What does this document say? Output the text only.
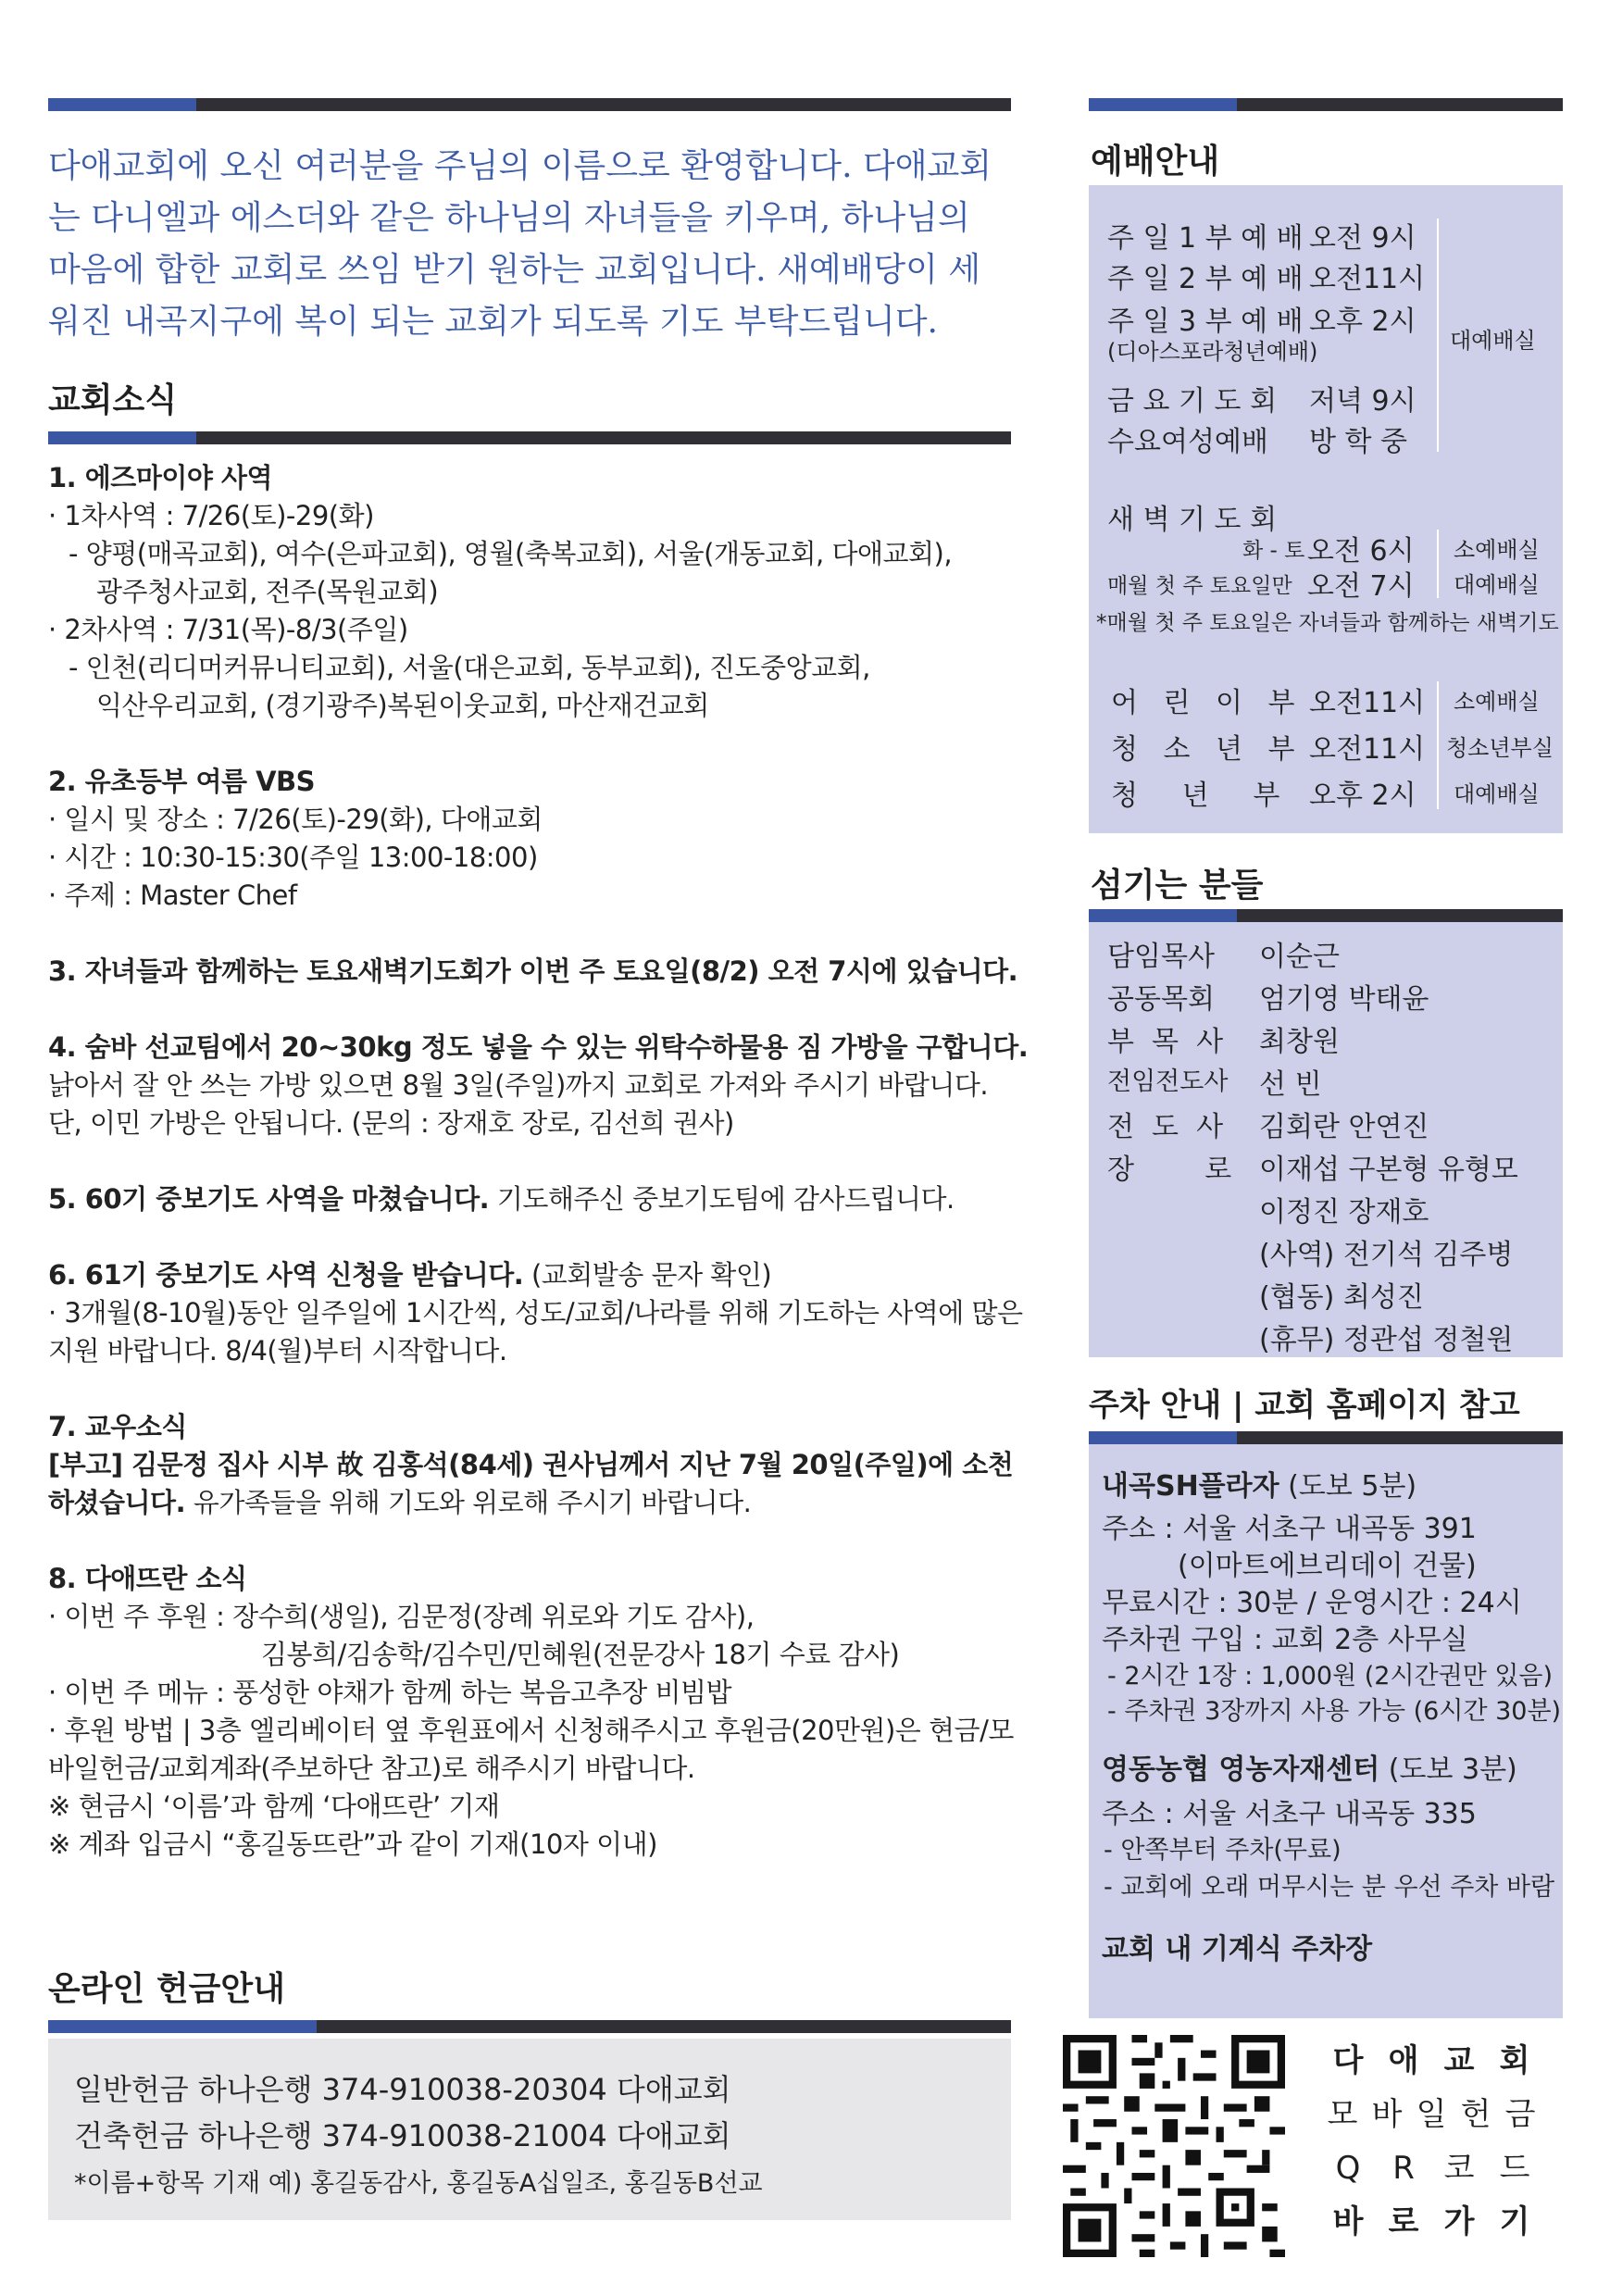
다애교회에 오신 여러분을 주님의 이름으로 환영합니다. 다애교회
는 다니엘과 에스더와 같은 하나님의 자녀들을 키우며, 하나님의
마음에 합한 교회로 쓰임 받기 원하는 교회입니다. 새예배당이 세
워진 내곡지구에 복이 되는 교회가 되도록 기도 부탁드립니다.
교회소식
1. 에즈마이야 사역
· 1차사역 : 7/26(토)-29(화)
- 양평(매곡교회), 여수(은파교회), 영월(축복교회), 서울(개동교회, 다애교회),
광주청사교회, 전주(목원교회)
· 2차사역 : 7/31(목)-8/3(주일)
- 인천(리디머커뮤니티교회), 서울(대은교회, 동부교회), 진도중앙교회,
익산우리교회, (경기광주)복된이웃교회, 마산재건교회
2. 유초등부 여름 VBS
· 일시 및 장소 : 7/26(토)-29(화), 다애교회
· 시간 : 10:30-15:30(주일 13:00-18:00)
· 주제 : Master Chef
3. 자녀들과 함께하는 토요새벽기도회가 이번 주 토요일(8/2) 오전 7시에 있습니다.
4. 숨바 선교팀에서 20~30kg 정도 넣을 수 있는 위탁수하물용 짐 가방을 구합니다. 낡아서 잘 안 쓰는 가방 있으면 8월 3일(주일)까지 교회로 가져와 주시기 바랍니다. 단, 이민 가방은 안됩니다. (문의 : 장재호 장로, 김선희 권사)
5. 60기 중보기도 사역을 마쳤습니다. 기도해주신 중보기도팀에 감사드립니다.
6. 61기 중보기도 사역 신청을 받습니다. (교회발송 문자 확인)
· 3개월(8-10월)동안 일주일에 1시간씩, 성도/교회/나라를 위해 기도하는 사역에 많은 지원 바랍니다. 8/4(월)부터 시작합니다.
7. 교우소식
[부고] 김문정 집사 시부 故 김홍석(84세) 권사님께서 지난 7월 20일(주일)에 소천하셨습니다. 유가족들을 위해 기도와 위로해 주시기 바랍니다.
8. 다애뜨란 소식
· 이번 주 후원 : 장수희(생일), 김문정(장례 위로와 기도 감사),
김봉희/김송학/김수민/민혜원(전문강사 18기 수료 감사)
· 이번 주 메뉴 : 풍성한 야채가 함께 하는 복음고추장 비빔밥
· 후원 방법 | 3층 엘리베이터 옆 후원표에서 신청해주시고 후원금(20만원)은 현금/모바일헌금/교회계좌(주보하단 참고)로 해주시기 바랍니다.
※ 현금시 ‘이름’과 함께 ‘다애뜨란’ 기재
※ 계좌 입금시 “홍길동뜨란”과 같이 기재(10자 이내)
온라인 헌금안내
일반헌금 하나은행 374-910038-20304 다애교회
건축헌금 하나은행 374-910038-21004 다애교회
*이름+항목 기재 예) 홍길동감사, 홍길동A십일조, 홍길동B선교
예배안내
주 일 1 부 예 배 오전 9시
주 일 2 부 예 배 오전11시
주 일 3 부 예 배 오후 2시
(디아스포라청년예배)
금 요 기 도 회 저녁 9시
수요여성예배 방 학 중
대예배실
새 벽 기 도 회
화 - 토 오전 6시 소예배실
매월 첫 주 토요일만 오전 7시 대예배실
*매월 첫 주 토요일은 자녀들과 함께하는 새벽기도
어 린 이 부 오전11시 소예배실
청 소 년 부 오전11시 청소년부실
청     년     부 오후 2시 대예배실
섬기는 분들
담임목사 이순근
공동목회 엄기영 박태윤
부  목  사 최창원
전임전도사 선 빈
전  도  사 김회란 안연진
장        로 이재섭 구본형 유형모
이정진 장재호
(사역) 전기석 김주병
(협동) 최성진
(휴무) 정관섭 정철원
주차 안내 | 교회 홈페이지 참고
내곡SH플라자 (도보 5분)
주소 : 서울 서초구 내곡동 391
(이마트에브리데이 건물)
무료시간 : 30분 / 운영시간 : 24시
주차권 구입 : 교회 2층 사무실
- 2시간 1장 : 1,000원 (2시간권만 있음)
- 주차권 3장까지 사용 가능 (6시간 30분)
영동농협 영농자재센터 (도보 3분)
주소 : 서울 서초구 내곡동 335
- 안쪽부터 주차(무료)
- 교회에 오래 머무시는 분 우선 주차 바람
교회 내 기계식 주차장
다 애 교 회
모 바 일 헌 금
Q R 코 드
바 로 가 기
